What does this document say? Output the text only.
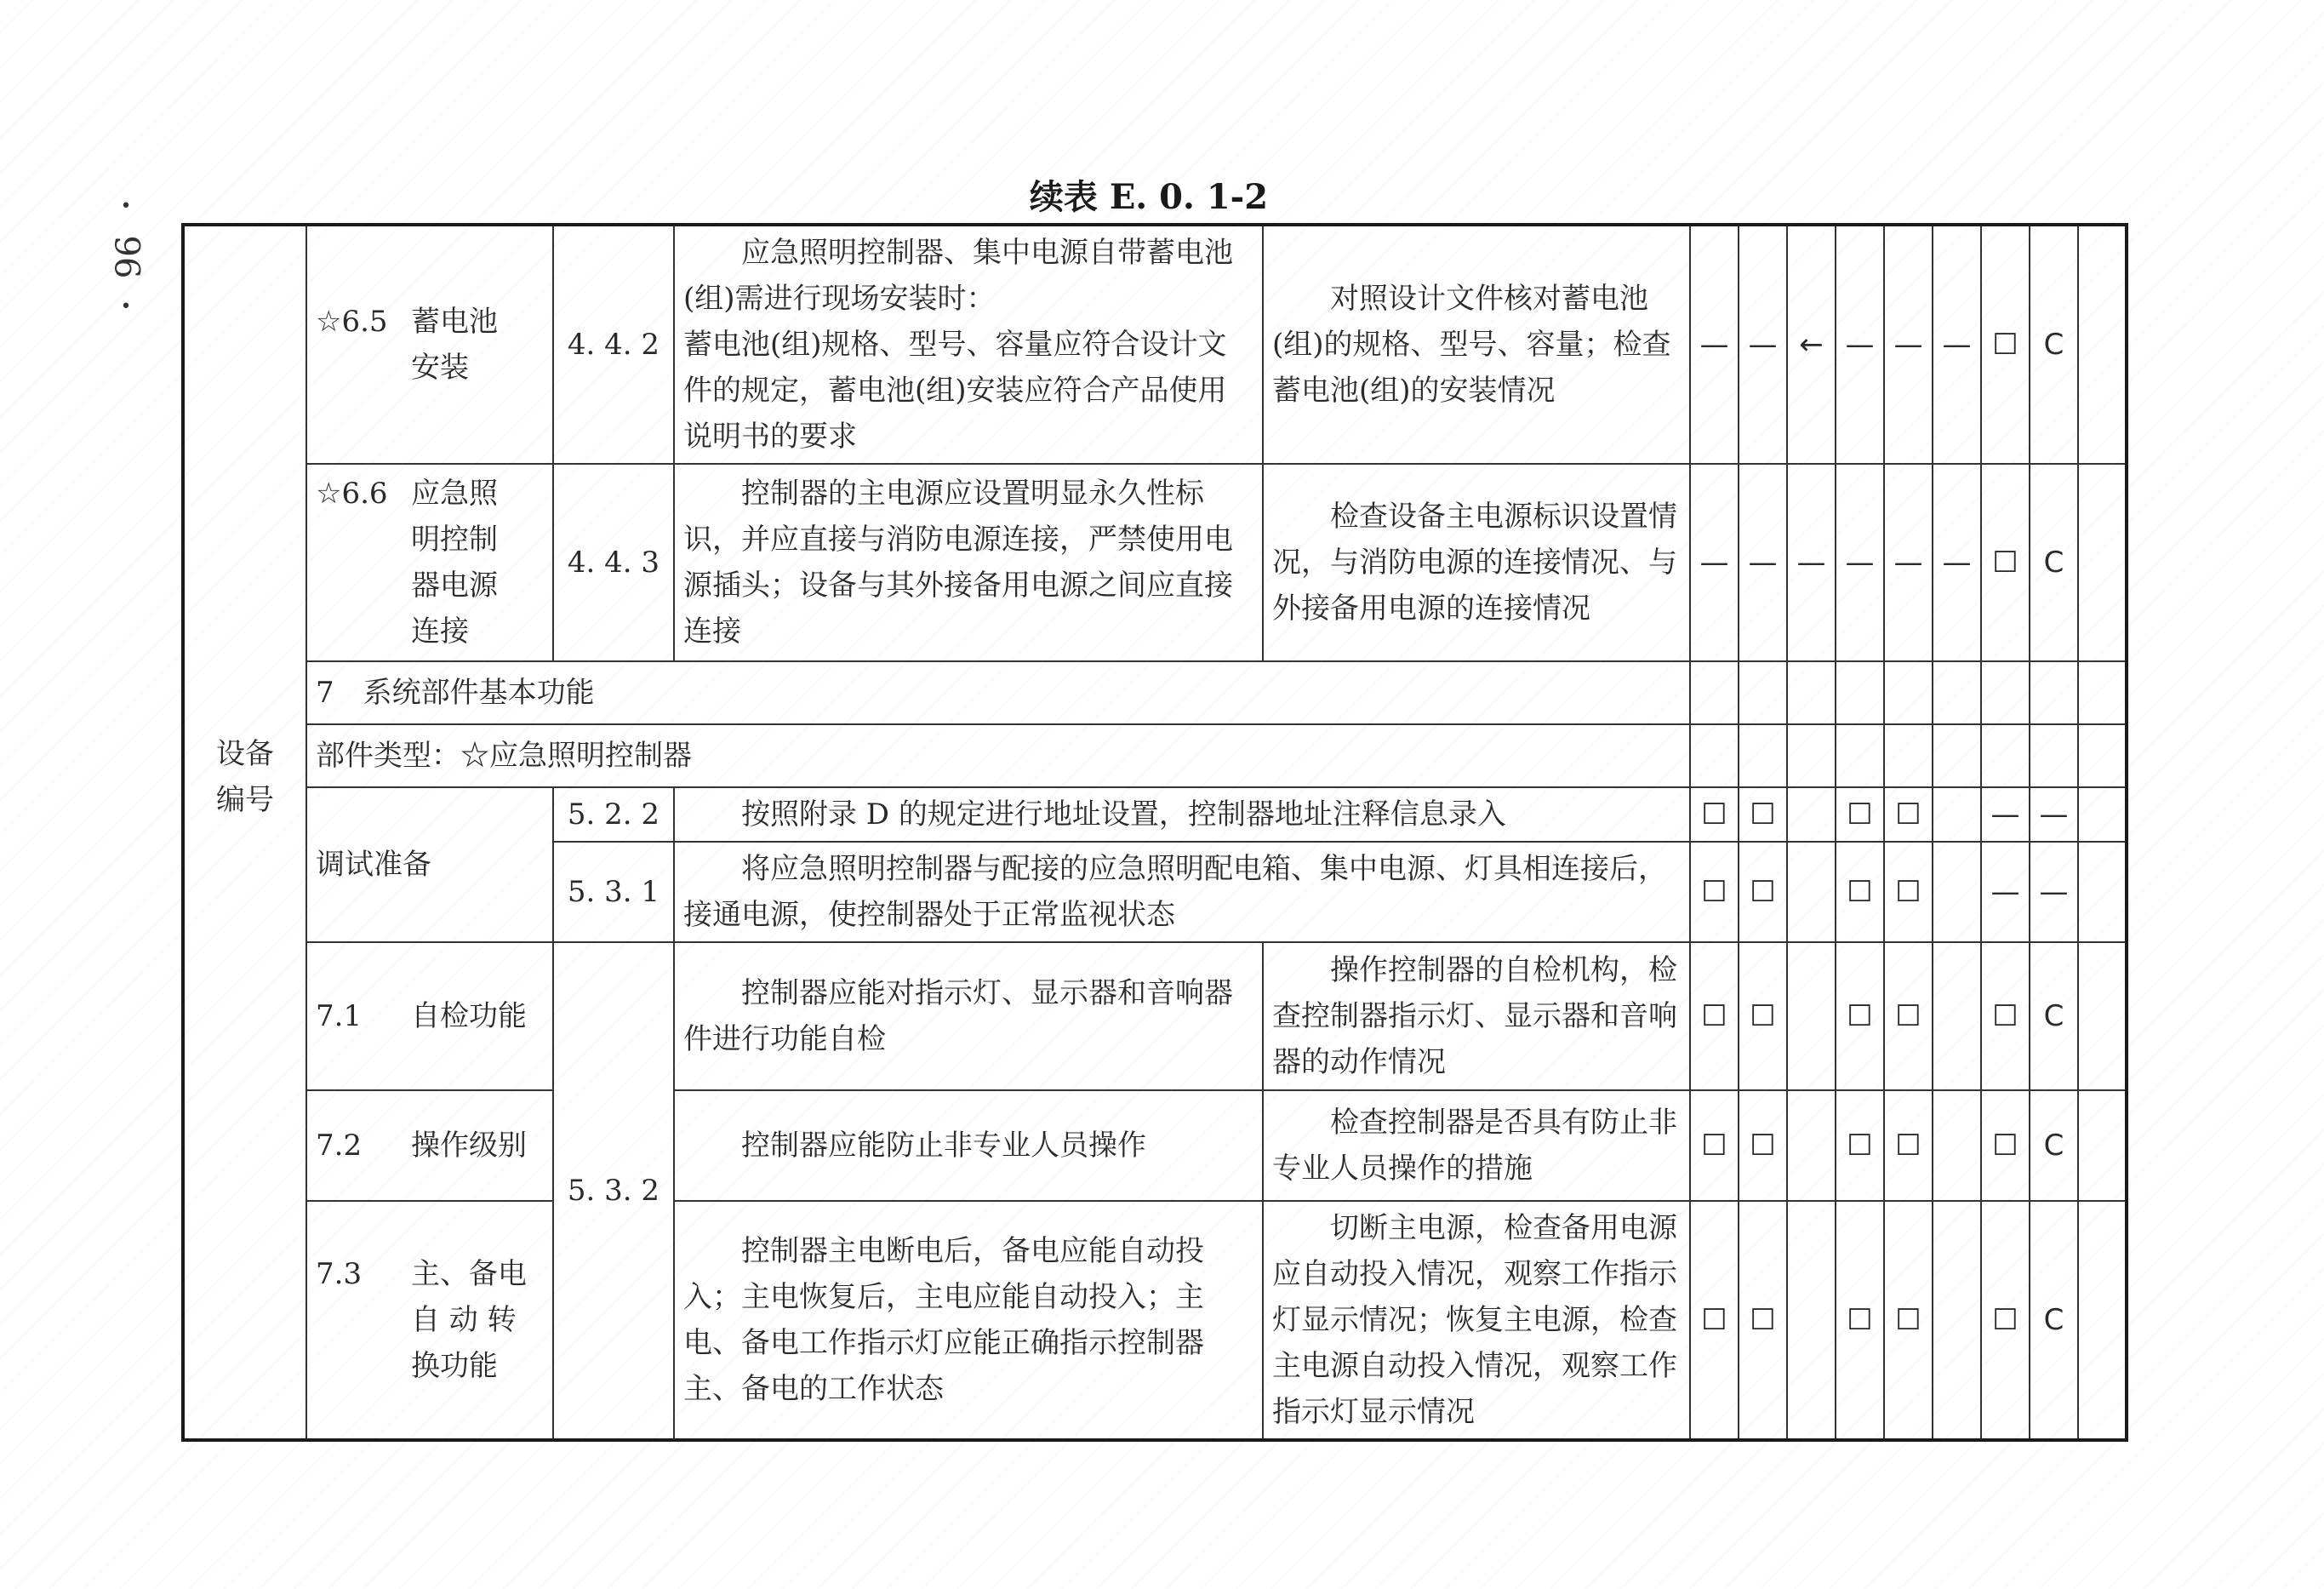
•
96
•
续表 E. 0. 1-2

	☆6.5 蓄电池
安装	4. 4. 2	应急照明控制器、集中电源自带蓄电池(组)需进行现场安装时：
蓄电池(组)规格、型号、容量应符合设计文件的规定，蓄电池(组)安装应符合产品使用说明书的要求	对照设计文件核对蓄电池(组)的规格、型号、容量；检查蓄电池(组)的安装情况	—	—	←	—	—	—	☐	C	

	☆6.6 应急照
明控制
器电源
连接	4. 4. 3	控制器的主电源应设置明显永久性标识，并应直接与消防电源连接，严禁使用电源插头；设备与其外接备用电源之间应直接连接	检查设备主电源标识设置情况，与消防电源的连接情况、与外接备用电源的连接情况	—	—	—	—	—	—	☐	C	
	7　系统部件基本功能												
设备
编号	部件类型：☆应急照明控制器												
	调试准备	5. 2. 2	按照附录 D 的规定进行地址设置，控制器地址注释信息录入		☐	☐		☐	☐		—	—	
		5. 3. 1	将应急照明控制器与配接的应急照明配电箱、集中电源、灯具相连接后，接通电源，使控制器处于正常监视状态		☐	☐		☐	☐		—	—	

	7.1 自检功能	5. 3. 2	控制器应能对指示灯、显示器和音响器件进行功能自检	操作控制器的自检机构，检查控制器指示灯、显示器和音响器的动作情况	☐	☐		☐	☐		☐	C	

	7.2 操作级别		控制器应能防止非专业人员操作	检查控制器是否具有防止非专业人员操作的措施	☐	☐		☐	☐		☐	C	

	7.3 主、备电
自 动 转
换功能		控制器主电断电后，备电应能自动投入；主电恢复后，主电应能自动投入；主电、备电工作指示灯应能正确指示控制器主、备电的工作状态	切断主电源，检查备用电源应自动投入情况，观察工作指示灯显示情况；恢复主电源，检查主电源自动投入情况，观察工作指示灯显示情况	☐	☐		☐	☐		☐	C	
